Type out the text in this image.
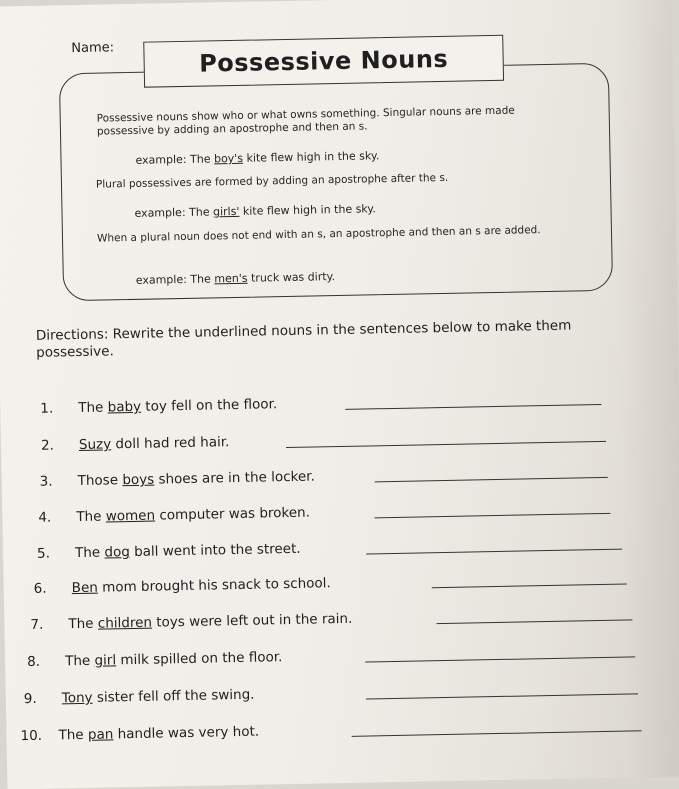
Name:	Possessive Nouns
Possessive nouns show who or what owns something. Singular nouns are made possessive by adding an apostrophe and then an s.
example: The boy's kite flew high in the sky.
Plural possessives are formed by adding an apostrophe after the s.
example: The girls' kite flew high in the sky.
When a plural noun does not end with an s, an apostrophe and then an s are added.
example: The men's truck was dirty.
Directions: Rewrite the underlined nouns in the sentences below to make them possessive.
1. The baby toy fell on the floor.
2. Suzy doll had red hair.
3. Those boys shoes are in the locker.
4. The women computer was broken.
5. The dog ball went into the street.
6. Ben mom brought his snack to school.
7. The children toys were left out in the rain.
8. The girl milk spilled on the floor.
9. Tony sister fell off the swing.
10. The pan handle was very hot.
